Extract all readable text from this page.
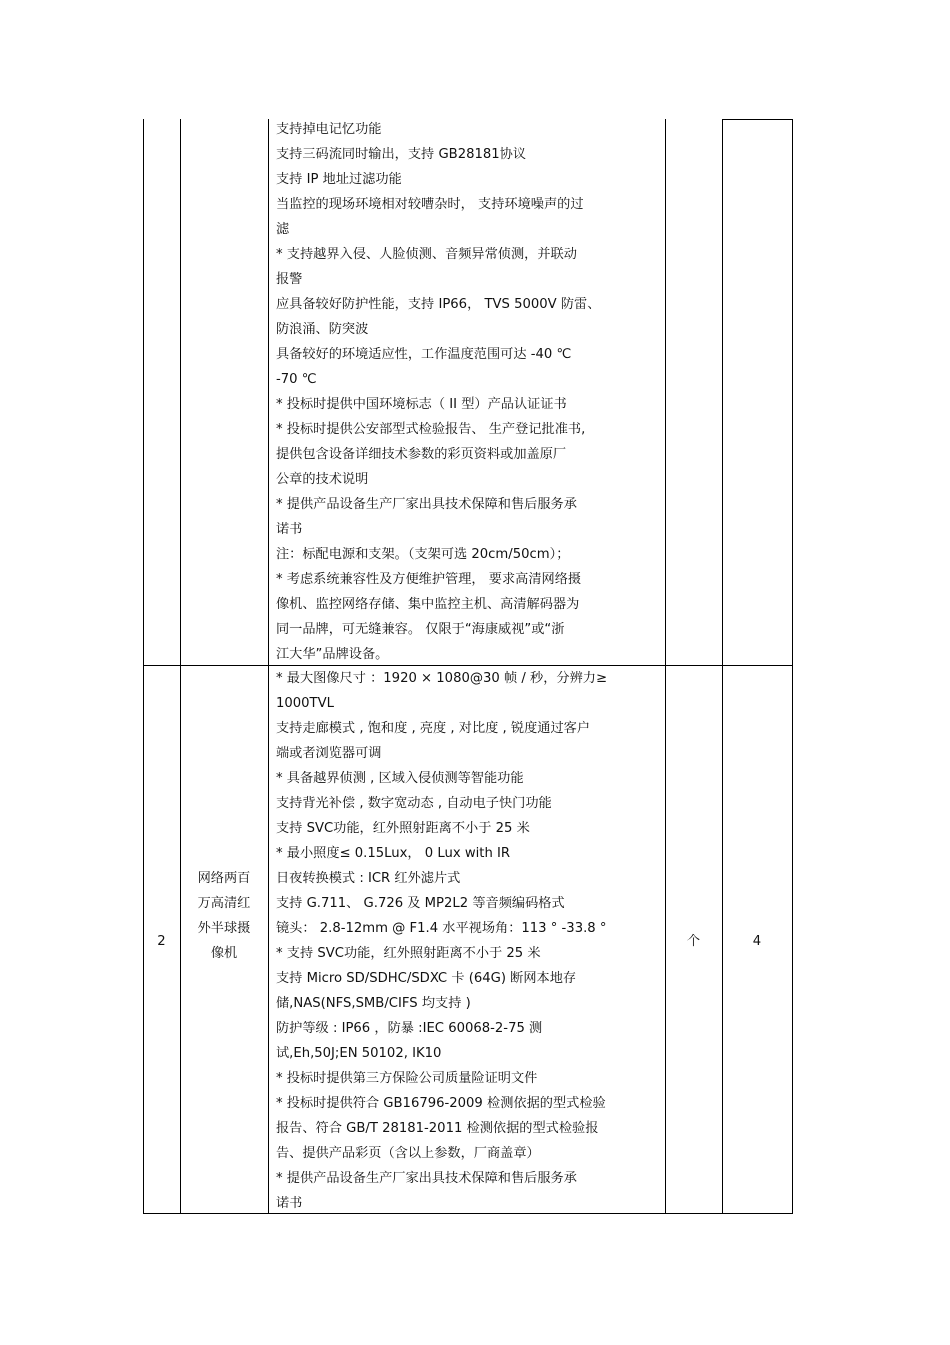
支持掉电记忆功能
支持三码流同时输出，支持 GB28181协议
支持 IP 地址过滤功能
当监控的现场环境相对较嘈杂时， 支持环境噪声的过
滤
* 支持越界入侵、人脸侦测、音频异常侦测，并联动
报警
应具备较好防护性能，支持 IP66， TVS 5000V 防雷、
防浪涌、防突波
具备较好的环境适应性，工作温度范围可达 -40 ℃
-70 ℃
* 投标时提供中国环境标志（ II 型）产品认证证书
* 投标时提供公安部型式检验报告、 生产登记批准书,
提供包含设备详细技术参数的彩页资料或加盖原厂
公章的技术说明
* 提供产品设备生产厂家出具技术保障和售后服务承
诺书
注：标配电源和支架。（支架可选 20cm/50cm）；
* 考虑系统兼容性及方便维护管理， 要求高清网络摄
像机、监控网络存储、集中监控主机、高清解码器为
同一品牌，可无缝兼容。 仅限于“海康威视”或“浙
江大华”品牌设备。
2
网络两百
万高清红
外半球摄
像机
* 最大图像尺寸 ：1920 × 1080@30 帧 / 秒，分辨力≥
1000TVL
支持走廊模式 , 饱和度 , 亮度 , 对比度 , 锐度通过客户
端或者浏览器可调
* 具备越界侦测 , 区域入侵侦测等智能功能
支持背光补偿 , 数字宽动态 , 自动电子快门功能
支持 SVC功能，红外照射距离不小于 25 米
* 最小照度≤ 0.15Lux， 0 Lux with IR
日夜转换模式 : ICR 红外滤片式
支持 G.711、 G.726 及 MP2L2 等音频编码格式
镜头： 2.8-12mm @ F1.4 水平视场角：113 ° -33.8 °
* 支持 SVC功能，红外照射距离不小于 25 米
支持 Micro SD/SDHC/SDXC 卡 (64G) 断网本地存
储,NAS(NFS,SMB/CIFS 均支持 )
防护等级 : IP66 ，防暴 :IEC 60068-2-75 测
试,Eh,50J;EN 50102, IK10
* 投标时提供第三方保险公司质量险证明文件
* 投标时提供符合 GB16796-2009 检测依据的型式检验
报告、符合 GB/T 28181-2011 检测依据的型式检验报
告、提供产品彩页（含以上参数，厂商盖章）
* 提供产品设备生产厂家出具技术保障和售后服务承
诺书
个	4
